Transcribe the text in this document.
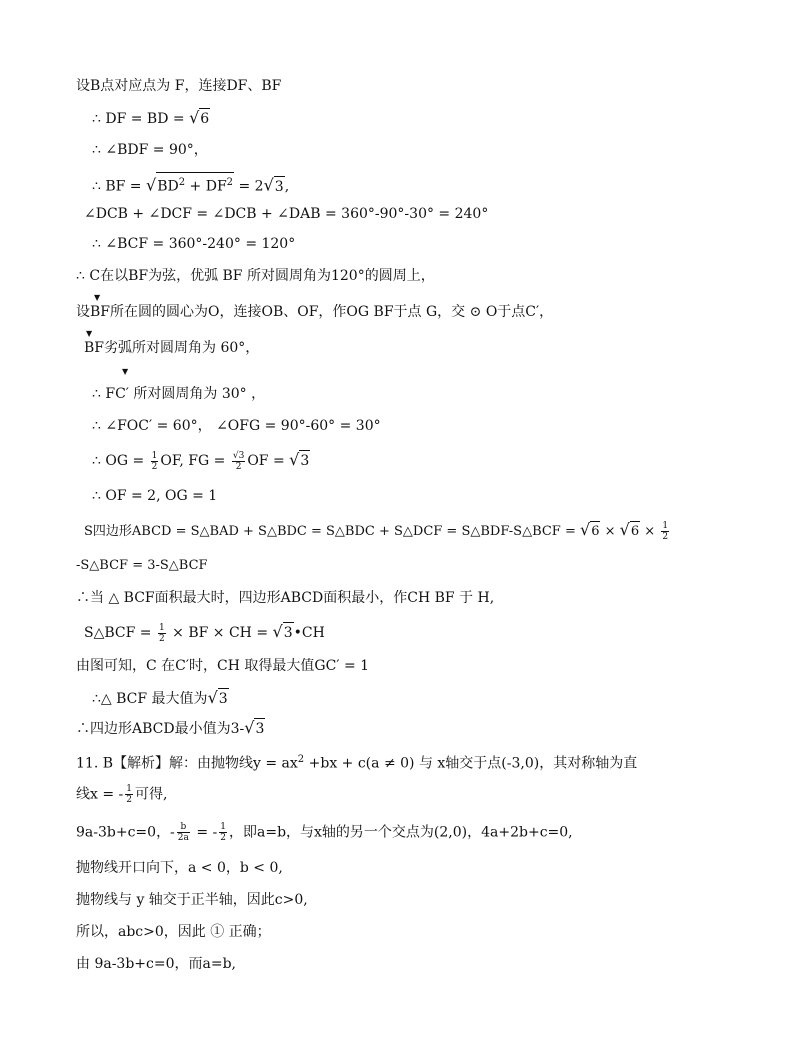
设B点对应点为 F，连接DF、BF
∴ DF = BD = √6
∴ ∠BDF = 90°，
∴ BF = $√BD^2 + DF^2 = 2√3$,
∠DCB + ∠DCF = ∠DCB + ∠DAB = 360°-90°-30° = 240°
∴ ∠BCF = 360°-240° = 120°
∴ C在以BF为弦，优弧 BF 所对圆周角为120°的圆周上，
▼
设BF所在圆的圆心为O，连接OB、OF，作OG BF于点 G，交 ⊙ O于点C′，
▼
BF劣弧所对圆周角为 60°，
▼
∴ FC′ 所对圆周角为 30° ，
∴ ∠FOC′ = 60°， ∠OFG = 90°-60° = 30°
∴ OG = $\frac{1}{2}$ OF, FG = $\frac{√3}{2}$ OF = √3
∴ OF = 2, OG = 1
S四边形ABCD = S△BAD + S△BDC = S△BDC + S△DCF = S△BDF-S△BCF = $√6 \times √6 \times \frac{1}{2}$
-S△BCF = 3-S△BCF
∴当 △ BCF面积最大时，四边形ABCD面积最小，作CH BF 于 H,
S△BCF = $\frac{1}{2}$ × BF × CH = √3•CH
由图可知，C 在C′时，CH 取得最大值GC′ = 1
∴△ BCF 最大值为√3
∴四边形ABCD最小值为3-√3
11. B【解析】解：由抛物线$y = ax^2 +bx + c(a \ne 0)$ 与 x轴交于点(-3,0)，其对称轴为直
线x = - $\frac{1}{2}$ 可得,
9a-3b+c=0，- $\frac{b}{2a}$ = - $\frac{1}{2}$ ，即a=b，与x轴的另一个交点为(2,0)，4a+2b+c=0,
抛物线开口向下，a < 0，b < 0,
抛物线与 y 轴交于正半轴，因此c>0,
所以，abc>0，因此 ① 正确；
由 9a-3b+c=0，而a=b,
